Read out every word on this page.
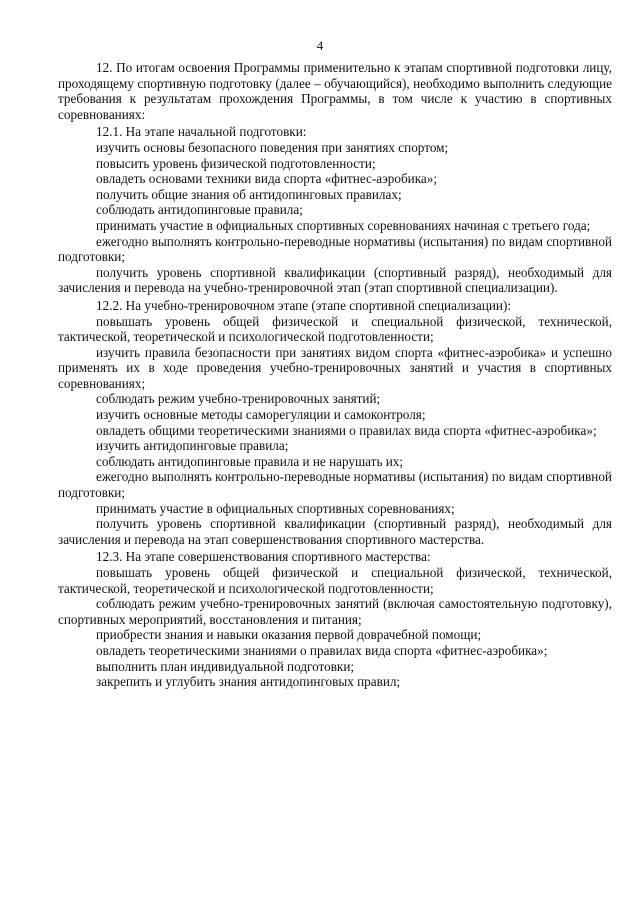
4

12. По итогам освоения Программы применительно к этапам спортивной подготовки лицу, проходящему спортивную подготовку (далее – обучающийся), необходимо выполнить следующие требования к результатам прохождения Программы, в том числе к участию в спортивных соревнованиях:

12.1. На этапе начальной подготовки:

изучить основы безопасного поведения при занятиях спортом;

повысить уровень физической подготовленности;

овладеть основами техники вида спорта «фитнес-аэробика»;

получить общие знания об антидопинговых правилах;

соблюдать антидопинговые правила;

принимать участие в официальных спортивных соревнованиях начиная с третьего года;

ежегодно выполнять контрольно-переводные нормативы (испытания) по видам спортивной подготовки;

получить уровень спортивной квалификации (спортивный разряд), необходимый для зачисления и перевода на учебно-тренировочной этап (этап спортивной специализации).

12.2. На учебно-тренировочном этапе (этапе спортивной специализации):

повышать уровень общей физической и специальной физической, технической, тактической, теоретической и психологической подготовленности;

изучить правила безопасности при занятиях видом спорта «фитнес-аэробика» и успешно применять их в ходе проведения учебно-тренировочных занятий и участия в спортивных соревнованиях;

соблюдать режим учебно-тренировочных занятий;

изучить основные методы саморегуляции и самоконтроля;

овладеть общими теоретическими знаниями о правилах вида спорта «фитнес-аэробика»;

изучить антидопинговые правила;

соблюдать антидопинговые правила и не нарушать их;

ежегодно выполнять контрольно-переводные нормативы (испытания) по видам спортивной подготовки;

принимать участие в официальных спортивных соревнованиях;

получить уровень спортивной квалификации (спортивный разряд), необходимый для зачисления и перевода на этап совершенствования спортивного мастерства.

12.3. На этапе совершенствования спортивного мастерства:

повышать уровень общей физической и специальной физической, технической, тактической, теоретической и психологической подготовленности;

соблюдать режим учебно-тренировочных занятий (включая самостоятельную подготовку), спортивных мероприятий, восстановления и питания;

приобрести знания и навыки оказания первой доврачебной помощи;

овладеть теоретическими знаниями о правилах вида спорта «фитнес-аэробика»;

выполнить план индивидуальной подготовки;

закрепить и углубить знания антидопинговых правил;
